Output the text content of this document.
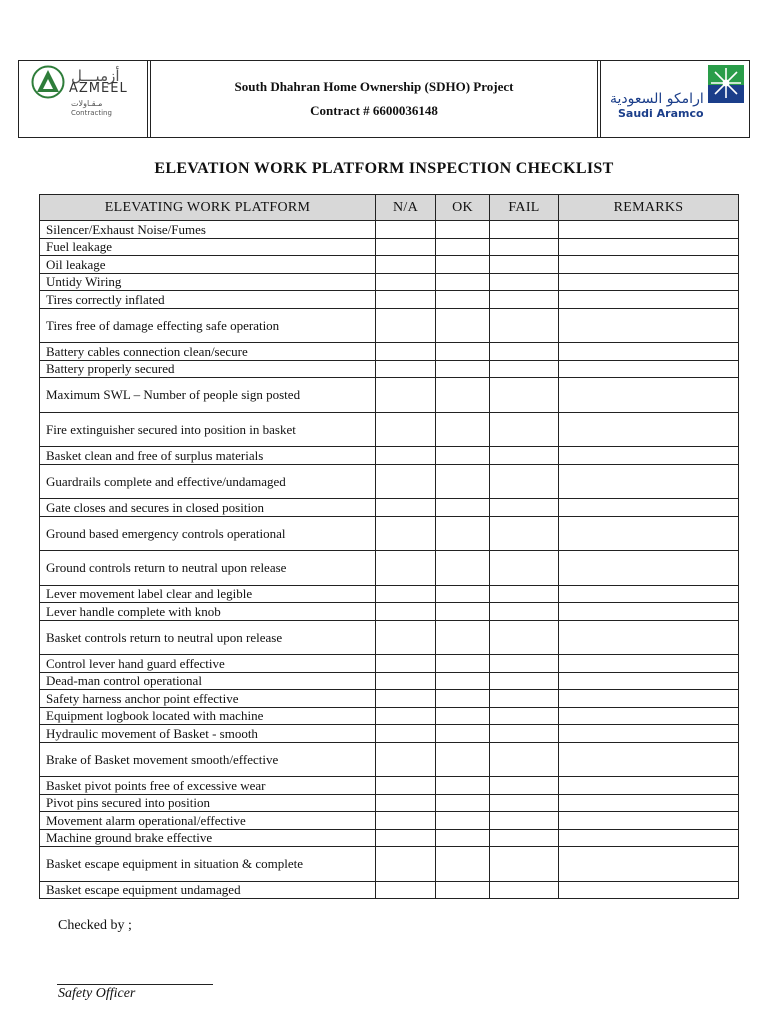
أزميـــل
AZMEEL
مـقـاولات
Contracting
South Dhahran Home Ownership (SDHO) Project
Contract # 6600036148
ارامكو السعودية
Saudi Aramco
ELEVATION WORK PLATFORM INSPECTION CHECKLIST
ELEVATING WORK PLATFORM	N/A	OK	FAIL	REMARKS
Silencer/Exhaust Noise/Fumes				
Fuel leakage				
Oil leakage				
Untidy Wiring				
Tires correctly inflated				
Tires free of damage effecting safe operation				
Battery cables connection clean/secure				
Battery properly secured				
Maximum SWL – Number of people sign posted				
Fire extinguisher secured into position in basket				
Basket clean and free of surplus materials				
Guardrails complete and effective/undamaged				
Gate closes and secures in closed position				
Ground based emergency controls operational				
Ground controls return to neutral upon release				
Lever movement label clear and legible				
Lever handle complete with knob				
Basket controls return to neutral upon release				
Control lever hand guard effective				
Dead-man control operational				
Safety harness anchor point effective				
Equipment logbook located with machine				
Hydraulic movement of Basket - smooth				
Brake of Basket movement smooth/effective				
Basket pivot points free of excessive wear				
Pivot pins secured into position				
Movement alarm operational/effective				
Machine ground brake effective				
Basket escape equipment in situation & complete				
Basket escape equipment undamaged				
Checked by ;
Safety Officer
